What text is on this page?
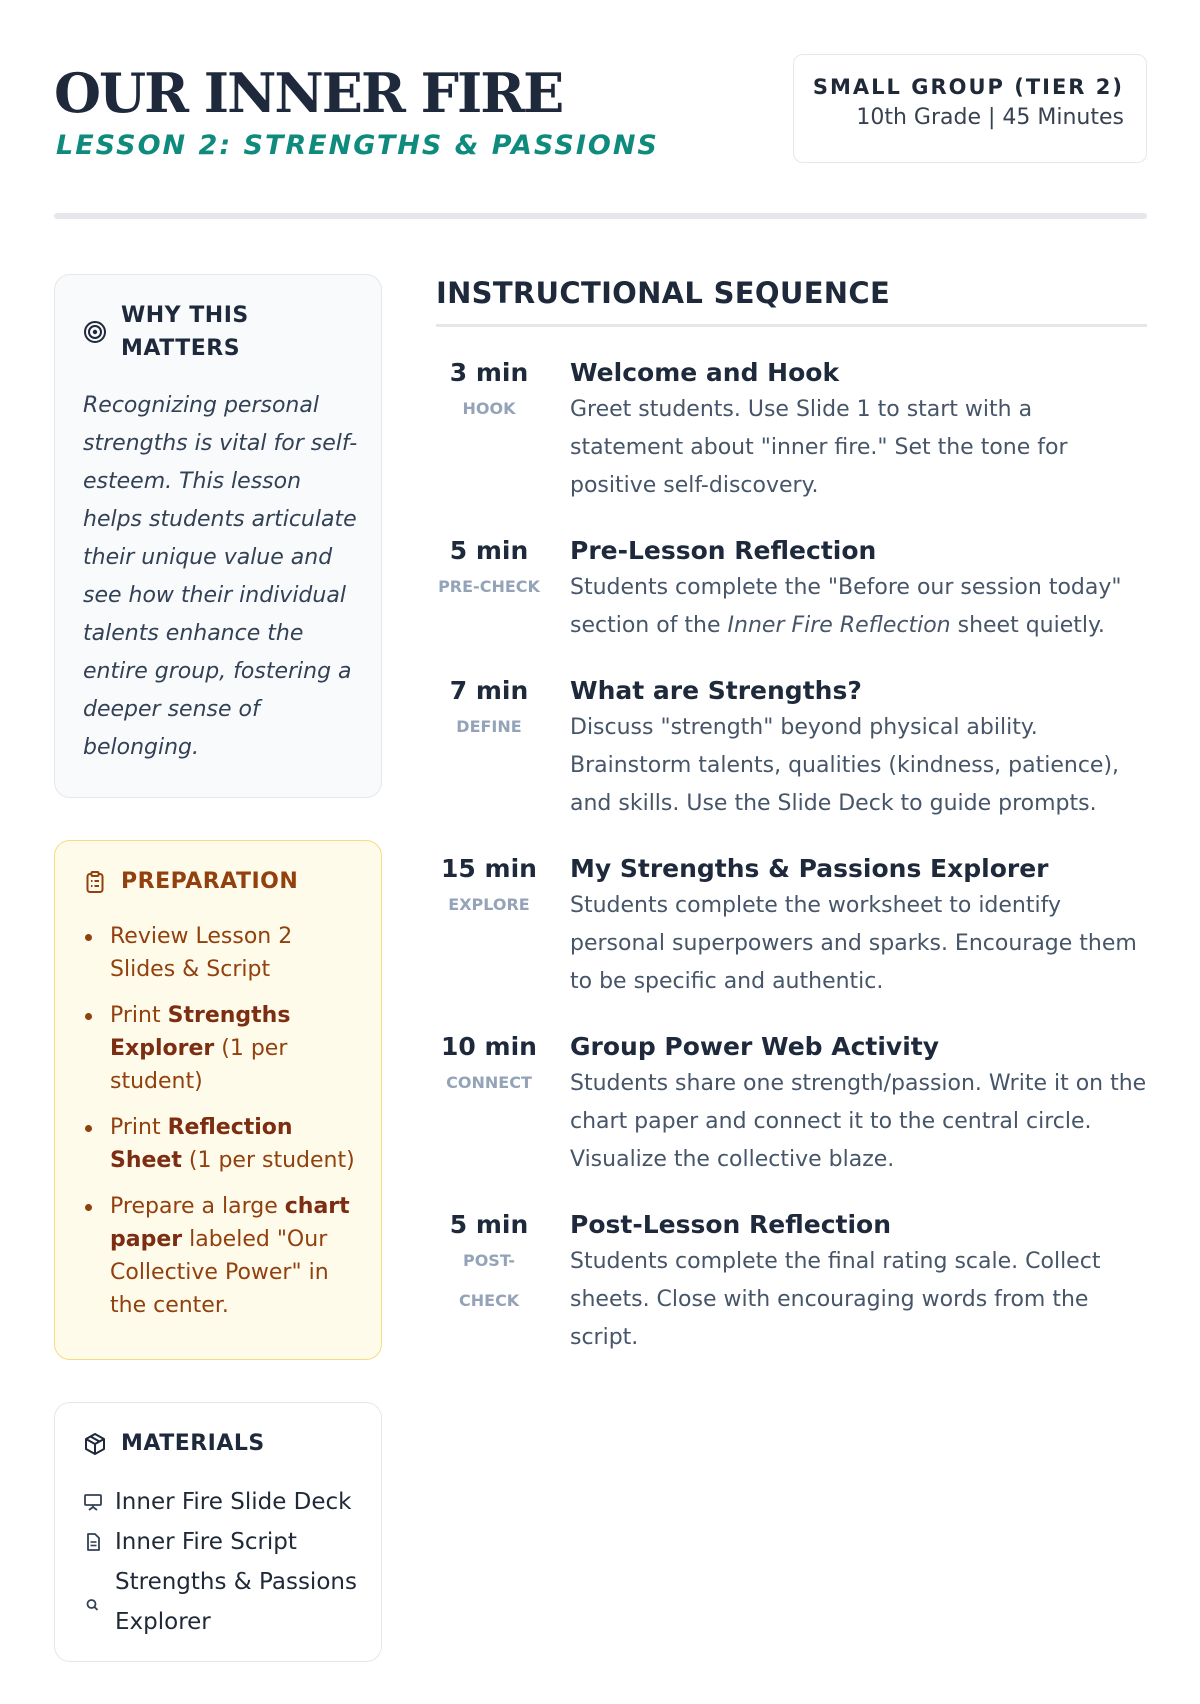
OUR INNER FIRE
LESSON 2: STRENGTHS & PASSIONS
SMALL GROUP (TIER 2)
10th Grade | 45 Minutes
WHY THIS MATTERS
Recognizing personal strengths is vital for self-esteem. This lesson helps students articulate their unique value and see how their individual talents enhance the entire group, fostering a deeper sense of belonging.
PREPARATION
Review Lesson 2 Slides & Script
Print Strengths Explorer (1 per student)
Print Reflection Sheet (1 per student)
Prepare a large chart paper labeled "Our Collective Power" in the center.
MATERIALS
Inner Fire Slide Deck
Inner Fire Script
Strengths & Passions Explorer
INSTRUCTIONAL SEQUENCE
3 min
HOOK
Welcome and Hook
Greet students. Use Slide 1 to start with a statement about "inner fire." Set the tone for positive self-discovery.
5 min
PRE-CHECK
Pre-Lesson Reflection
Students complete the "Before our session today" section of the Inner Fire Reflection sheet quietly.
7 min
DEFINE
What are Strengths?
Discuss "strength" beyond physical ability. Brainstorm talents, qualities (kindness, patience), and skills. Use the Slide Deck to guide prompts.
15 min
EXPLORE
My Strengths & Passions Explorer
Students complete the worksheet to identify personal superpowers and sparks. Encourage them to be specific and authentic.
10 min
CONNECT
Group Power Web Activity
Students share one strength/passion. Write it on the chart paper and connect it to the central circle. Visualize the collective blaze.
5 min
POST-CHECK
Post-Lesson Reflection
Students complete the final rating scale. Collect sheets. Close with encouraging words from the script.
